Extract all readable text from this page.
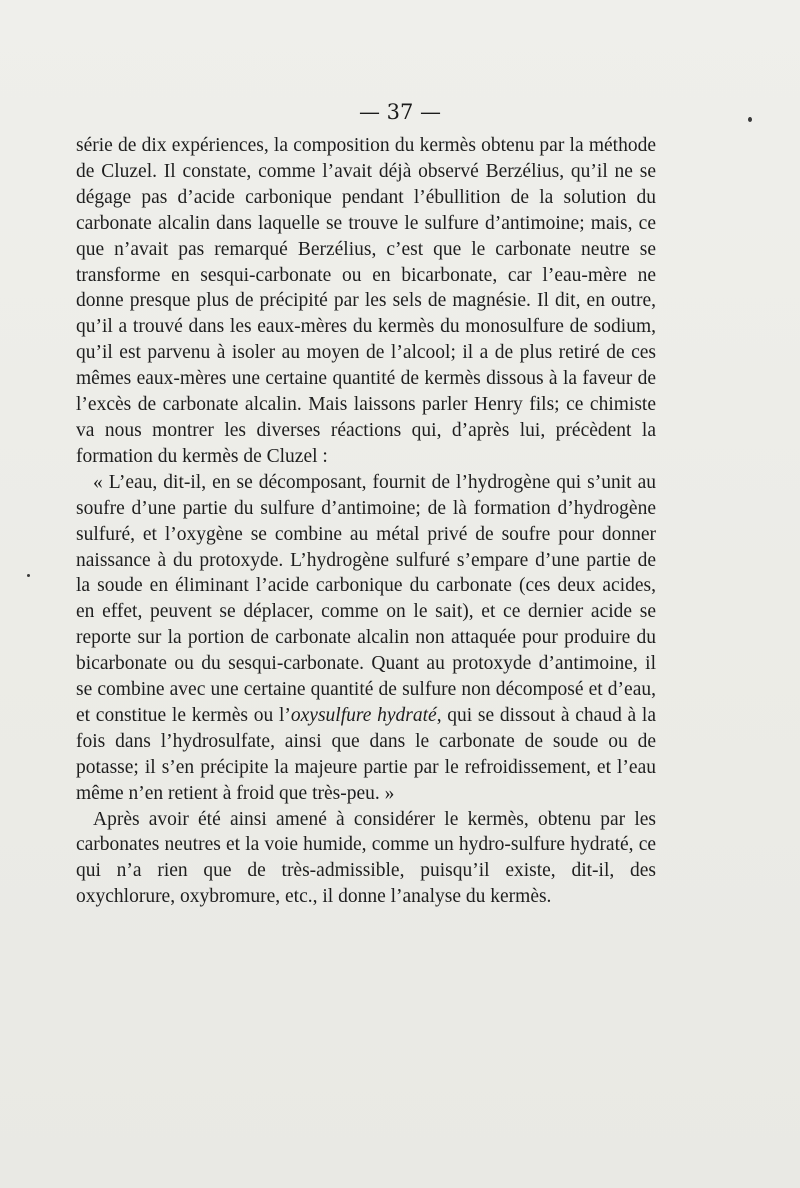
— 37 —

série de dix expériences, la composition du kermès obtenu par la méthode de Cluzel. Il constate, comme l’avait déjà observé Berzélius, qu’il ne se dégage pas d’acide carbonique pendant l’ébullition de la solution du carbonate alcalin dans laquelle se trouve le sulfure d’antimoine; mais, ce que n’avait pas remarqué Berzélius, c’est que le carbonate neutre se transforme en sesqui-carbonate ou en bicarbonate, car l’eau-mère ne donne presque plus de précipité par les sels de magnésie. Il dit, en outre, qu’il a trouvé dans les eaux-mères du kermès du monosulfure de sodium, qu’il est parvenu à isoler au moyen de l’alcool; il a de plus retiré de ces mêmes eaux-mères une certaine quantité de kermès dissous à la faveur de l’excès de carbonate alcalin. Mais laissons parler Henry fils; ce chimiste va nous montrer les diverses réactions qui, d’après lui, précèdent la formation du kermès de Cluzel :

« L’eau, dit-il, en se décomposant, fournit de l’hydrogène qui s’unit au soufre d’une partie du sulfure d’antimoine; de là formation d’hydrogène sulfuré, et l’oxygène se combine au métal privé de soufre pour donner naissance à du protoxyde. L’hydrogène sulfuré s’empare d’une partie de la soude en éliminant l’acide carbonique du carbonate (ces deux acides, en effet, peuvent se déplacer, comme on le sait), et ce dernier acide se reporte sur la portion de carbonate alcalin non attaquée pour produire du bicarbonate ou du sesqui-carbonate. Quant au protoxyde d’antimoine, il se combine avec une certaine quantité de sulfure non décomposé et d’eau, et constitue le kermès ou l’oxysulfure hydraté, qui se dissout à chaud à la fois dans l’hydrosulfate, ainsi que dans le carbonate de soude ou de potasse; il s’en précipite la majeure partie par le refroidissement, et l’eau même n’en retient à froid que très-peu. »

Après avoir été ainsi amené à considérer le kermès, obtenu par les carbonates neutres et la voie humide, comme un hydro-sulfure hydraté, ce qui n’a rien que de très-admissible, puisqu’il existe, dit-il, des oxychlorure, oxybromure, etc., il donne l’analyse du kermès.
